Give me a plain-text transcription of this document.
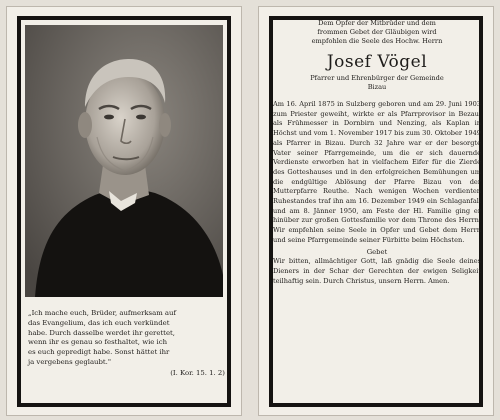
„Ich mache euch, Brüder, aufmerksam auf

das Evangelium, das ich euch verkündet

habe. Durch dasselbe werdet ihr gerettet,

wenn ihr es genau so festhaltet, wie ich

es euch gepredigt habe. Sonst hättet ihr

ja vergebens geglaubt."

(I. Kor. 15. 1. 2)

Dem Opfer der Mitbrüder und dem

frommen Gebet der Gläubigen wird

empfohlen die Seele des Hochw. Herrn

Josef Vögel

Pfarrer und Ehrenbürger der Gemeinde

Bizau

Am 16. April 1875 in Sulzberg geboren und am 29. Juni 1903 zum Priester geweiht, wirkte er als Pfarrprovisor in Bezau, als Frühmesser in Dornbirn und Nenzing, als Kaplan in Höchst und vom 1. November 1917 bis zum 30. Oktober 1949 als Pfarrer in Bizau. Durch 32 Jahre war er der besorgte Vater seiner Pfarrgemeinde, um die er sich dauernde Verdienste erworben hat in vielfachem Eifer für die Zierde des Gotteshauses und in den erfolgreichen Bemühungen um die endgültige Ablösung der Pfarre Bizau von der Mutterpfarre Reuthe. Nach wenigen Wochen verdienten Ruhestandes traf ihn am 16. Dezember 1949 ein Schlaganfall und am 8. Jänner 1950, am Feste der Hl. Familie ging er hinüber zur großen Gottesfamilie vor dem Throne des Herrn. Wir empfehlen seine Seele in Opfer und Gebet dem Herrn und seine Pfarrgemeinde seiner Fürbitte beim Höchsten.

Gebet

Wir bitten, allmächtiger Gott, laß gnädig die Seele deines Dieners in der Schar der Gerechten der ewigen Seligkeit teilhaftig sein. Durch Christus, unsern Herrn. Amen.
